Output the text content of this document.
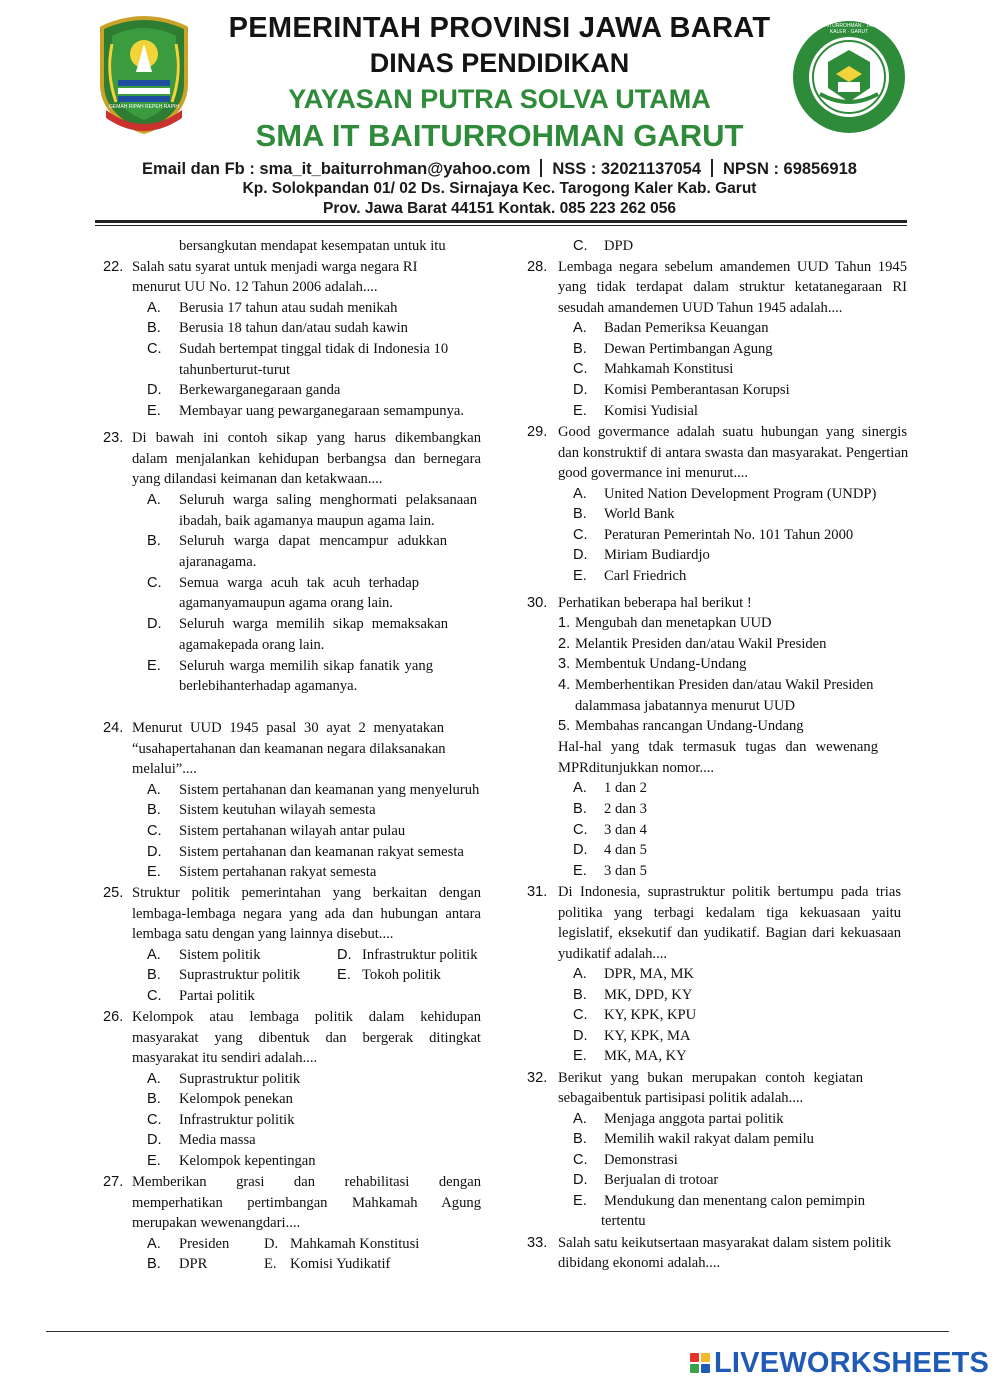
GEMAH RIPAH REPEH RAPIH
PEMERINTAH PROVINSI JAWA BARAT
DINAS PENDIDIKAN
YAYASAN PUTRA SOLVA UTAMA
SMA IT BAITURROHMAN GARUT
SMA IT BAITURROHMAN · TAROGONG KALER · GARUT
Email dan Fb : sma_it_baiturrohman@yahoo.com NSS : 32021137054 NPSN : 69856918
Kp. Solokpandan 01/ 02 Ds. Sirnajaya Kec. Tarogong Kaler Kab. Garut
Prov. Jawa Barat 44151 Kontak. 085 223 262 056
bersangkutan mendapat kesempatan untuk itu
22. Salah satu syarat untuk menjadi warga negara RI
menurut UU No. 12 Tahun 2006 adalah....
A. Berusia 17 tahun atau sudah menikah
B. Berusia 18 tahun dan/atau sudah kawin
C. Sudah bertempat tinggal tidak di Indonesia 10
tahunberturut-turut
D. Berkewarganegaraan ganda
E. Membayar uang pewarganegaraan semampunya.
23. Di bawah ini contoh sikap yang harus dikembangkan
dalam menjalankan kehidupan berbangsa dan bernegara
yang dilandasi keimanan dan ketakwaan....
A. Seluruh warga saling menghormati pelaksanaan
ibadah, baik agamanya maupun agama lain.
B. Seluruh warga dapat mencampur adukkan
ajaranagama.
C. Semua warga acuh tak acuh terhadap
agamanyamaupun agama orang lain.
D. Seluruh warga memilih sikap memaksakan
agamakepada orang lain.
E. Seluruh warga memilih sikap fanatik yang
berlebihanterhadap agamanya.
24. Menurut UUD 1945 pasal 30 ayat 2 menyatakan
“usahapertahanan dan keamanan negara dilaksanakan
melalui”....
A. Sistem pertahanan dan keamanan yang menyeluruh
B. Sistem keutuhan wilayah semesta
C. Sistem pertahanan wilayah antar pulau
D. Sistem pertahanan dan keamanan rakyat semesta
E. Sistem pertahanan rakyat semesta
25. Struktur politik pemerintahan yang berkaitan dengan
lembaga-lembaga negara yang ada dan hubungan antara
lembaga satu dengan yang lainnya disebut....
A. Sistem politik	D. Infrastruktur politik
B. Suprastruktur politik	E. Tokoh politik
C. Partai politik
26. Kelompok atau lembaga politik dalam kehidupan
masyarakat yang dibentuk dan bergerak ditingkat
masyarakat itu sendiri adalah....
A. Suprastruktur politik
B. Kelompok penekan
C. Infrastruktur politik
D. Media massa
E. Kelompok kepentingan
27. Memberikan grasi dan rehabilitasi dengan
memperhatikan pertimbangan Mahkamah Agung
merupakan wewenangdari....
A. Presiden D. Mahkamah Konstitusi
B. DPR	E. Komisi Yudikatif
C. DPD
28. Lembaga negara sebelum amandemen UUD Tahun 1945
yang tidak terdapat dalam struktur ketatanegaraan RI
sesudah amandemen UUD Tahun 1945 adalah....
A. Badan Pemeriksa Keuangan
B. Dewan Pertimbangan Agung
C. Mahkamah Konstitusi
D. Komisi Pemberantasan Korupsi
E. Komisi Yudisial
29. Good govermance adalah suatu hubungan yang sinergis
dan konstruktif di antara swasta dan masyarakat. Pengertian
good govermance ini menurut....
A. United Nation Development Program (UNDP)
B. World Bank
C. Peraturan Pemerintah No. 101 Tahun 2000
D. Miriam Budiardjo
E. Carl Friedrich
30. Perhatikan beberapa hal berikut !
1. Mengubah dan menetapkan UUD
2. Melantik Presiden dan/atau Wakil Presiden
3. Membentuk Undang-Undang
4. Memberhentikan Presiden dan/atau Wakil Presiden
dalammasa jabatannya menurut UUD
5. Membahas rancangan Undang-Undang
Hal-hal yang tdak termasuk tugas dan wewenang
MPRditunjukkan nomor....
A. 1 dan 2
B. 2 dan 3
C. 3 dan 4
D. 4 dan 5
E. 3 dan 5
31. Di Indonesia, suprastruktur politik bertumpu pada trias
politika yang terbagi kedalam tiga kekuasaan yaitu
legislatif, eksekutif dan yudikatif. Bagian dari kekuasaan
yudikatif adalah....
A. DPR, MA, MK
B. MK, DPD, KY
C. KY, KPK, KPU
D. KY, KPK, MA
E. MK, MA, KY
32. Berikut yang bukan merupakan contoh kegiatan
sebagaibentuk partisipasi politik adalah....
A. Menjaga anggota partai politik
B. Memilih wakil rakyat dalam pemilu
C. Demonstrasi
D. Berjualan di trotoar
E. Mendukung dan menentang calon pemimpin
tertentu
33. Salah satu keikutsertaan masyarakat dalam sistem politik
dibidang ekonomi adalah....
LIVEWORKSHEETS
